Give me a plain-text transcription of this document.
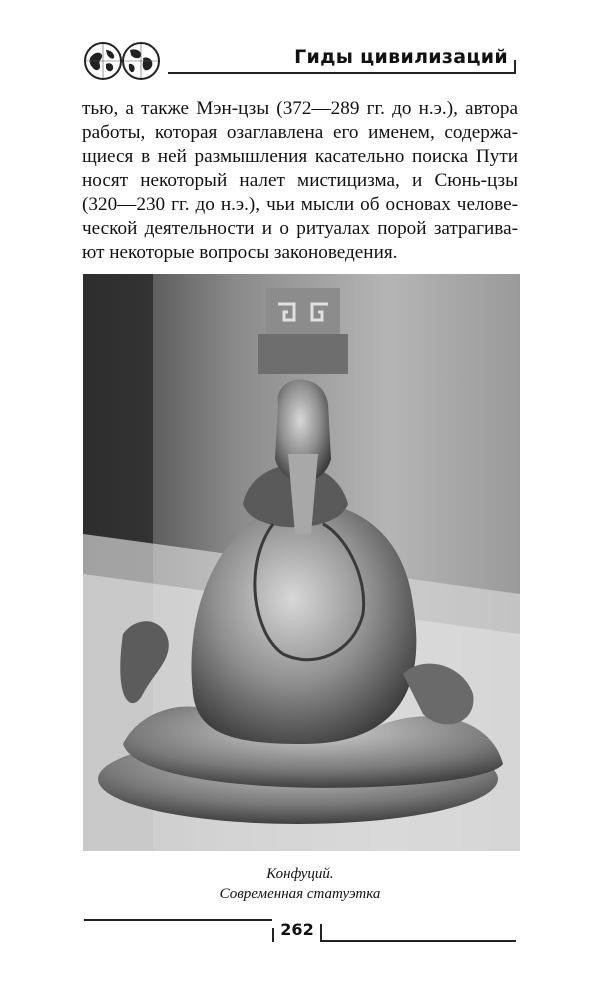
Гиды цивилизаций
тью, а также Мэн-цзы (372—289 гг. до н.э.), автора
работы, которая озаглавлена его именем, содержа-
щиеся в ней размышления касательно поиска Пути
носят некоторый налет мистицизма, и Сюнь-цзы
(320—230 гг. до н.э.), чьи мысли об основах челове-
ческой деятельности и о ритуалах порой затрагива-
ют некоторые вопросы законоведения.
Конфуций.
Современная статуэтка
262
